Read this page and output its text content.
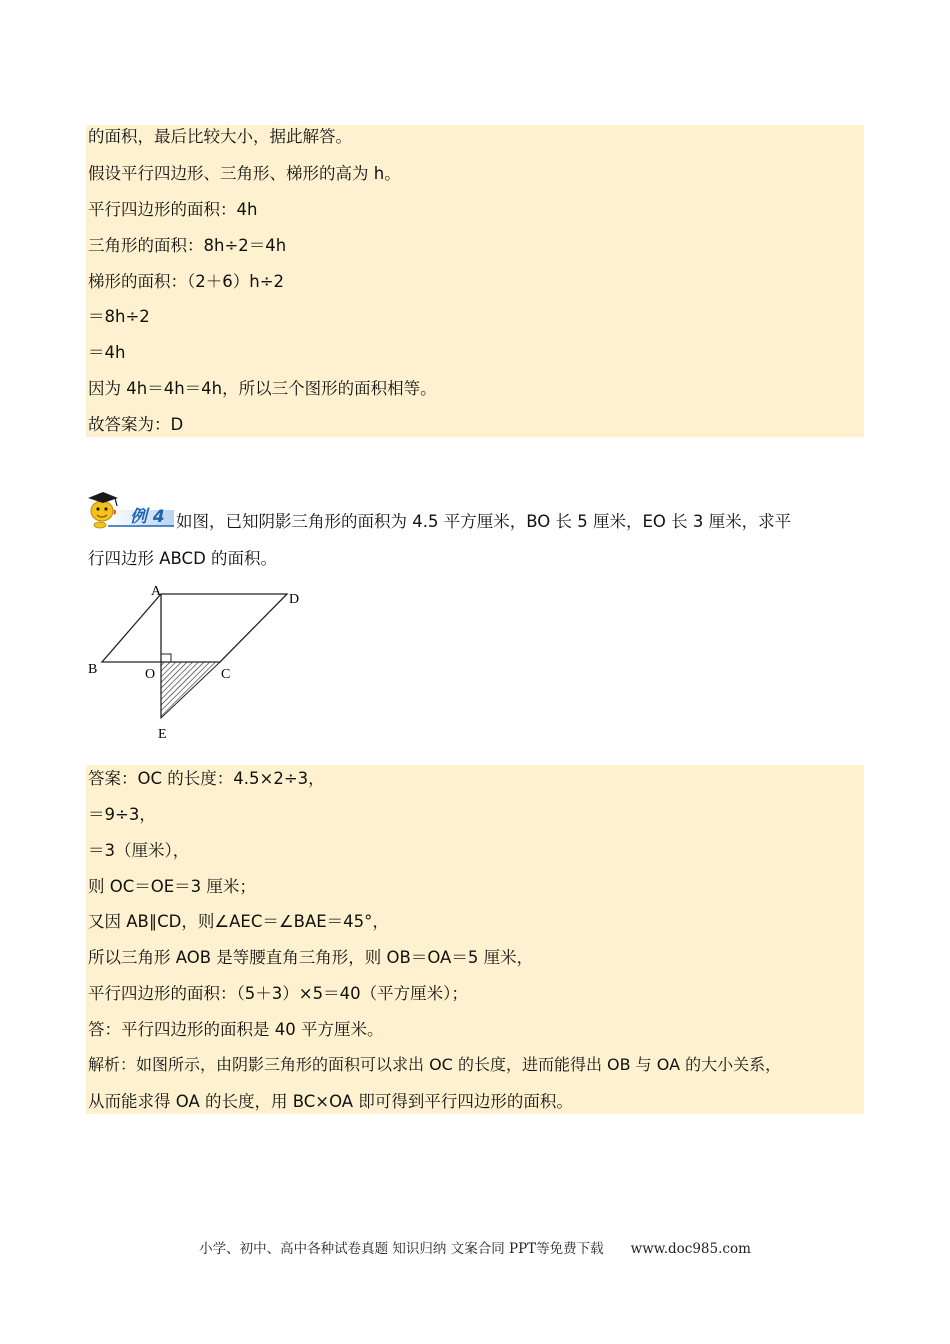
的面积，最后比较大小，据此解答。
假设平行四边形、三角形、梯形的高为 h。
平行四边形的面积：4h
三角形的面积：8h÷2＝4h
梯形的面积：（2＋6）h÷2
＝8h÷2
＝4h
因为 4h＝4h＝4h，所以三个图形的面积相等。
故答案为：D
例 4 如图，已知阴影三角形的面积为 4.5 平方厘米，BO 长 5 厘米，EO 长 3 厘米，求平
行四边形 ABCD 的面积。
A
D
B	O	C
E
答案：OC 的长度：4.5×2÷3，
＝9÷3，
＝3（厘米），
则 OC＝OE＝3 厘米；
又因 AB∥CD，则∠AEC＝∠BAE＝45°，
所以三角形 AOB 是等腰直角三角形，则 OB＝OA＝5 厘米，
平行四边形的面积：（5＋3）×5＝40（平方厘米）；
答：平行四边形的面积是 40 平方厘米。
解析：如图所示，由阴影三角形的面积可以求出 OC 的长度，进而能得出 OB 与 OA 的大小关系，
从而能求得 OA 的长度，用 BC×OA 即可得到平行四边形的面积。
小学、初中、高中各种试卷真题 知识归纳 文案合同 PPT等免费下载　　www.doc985.com
